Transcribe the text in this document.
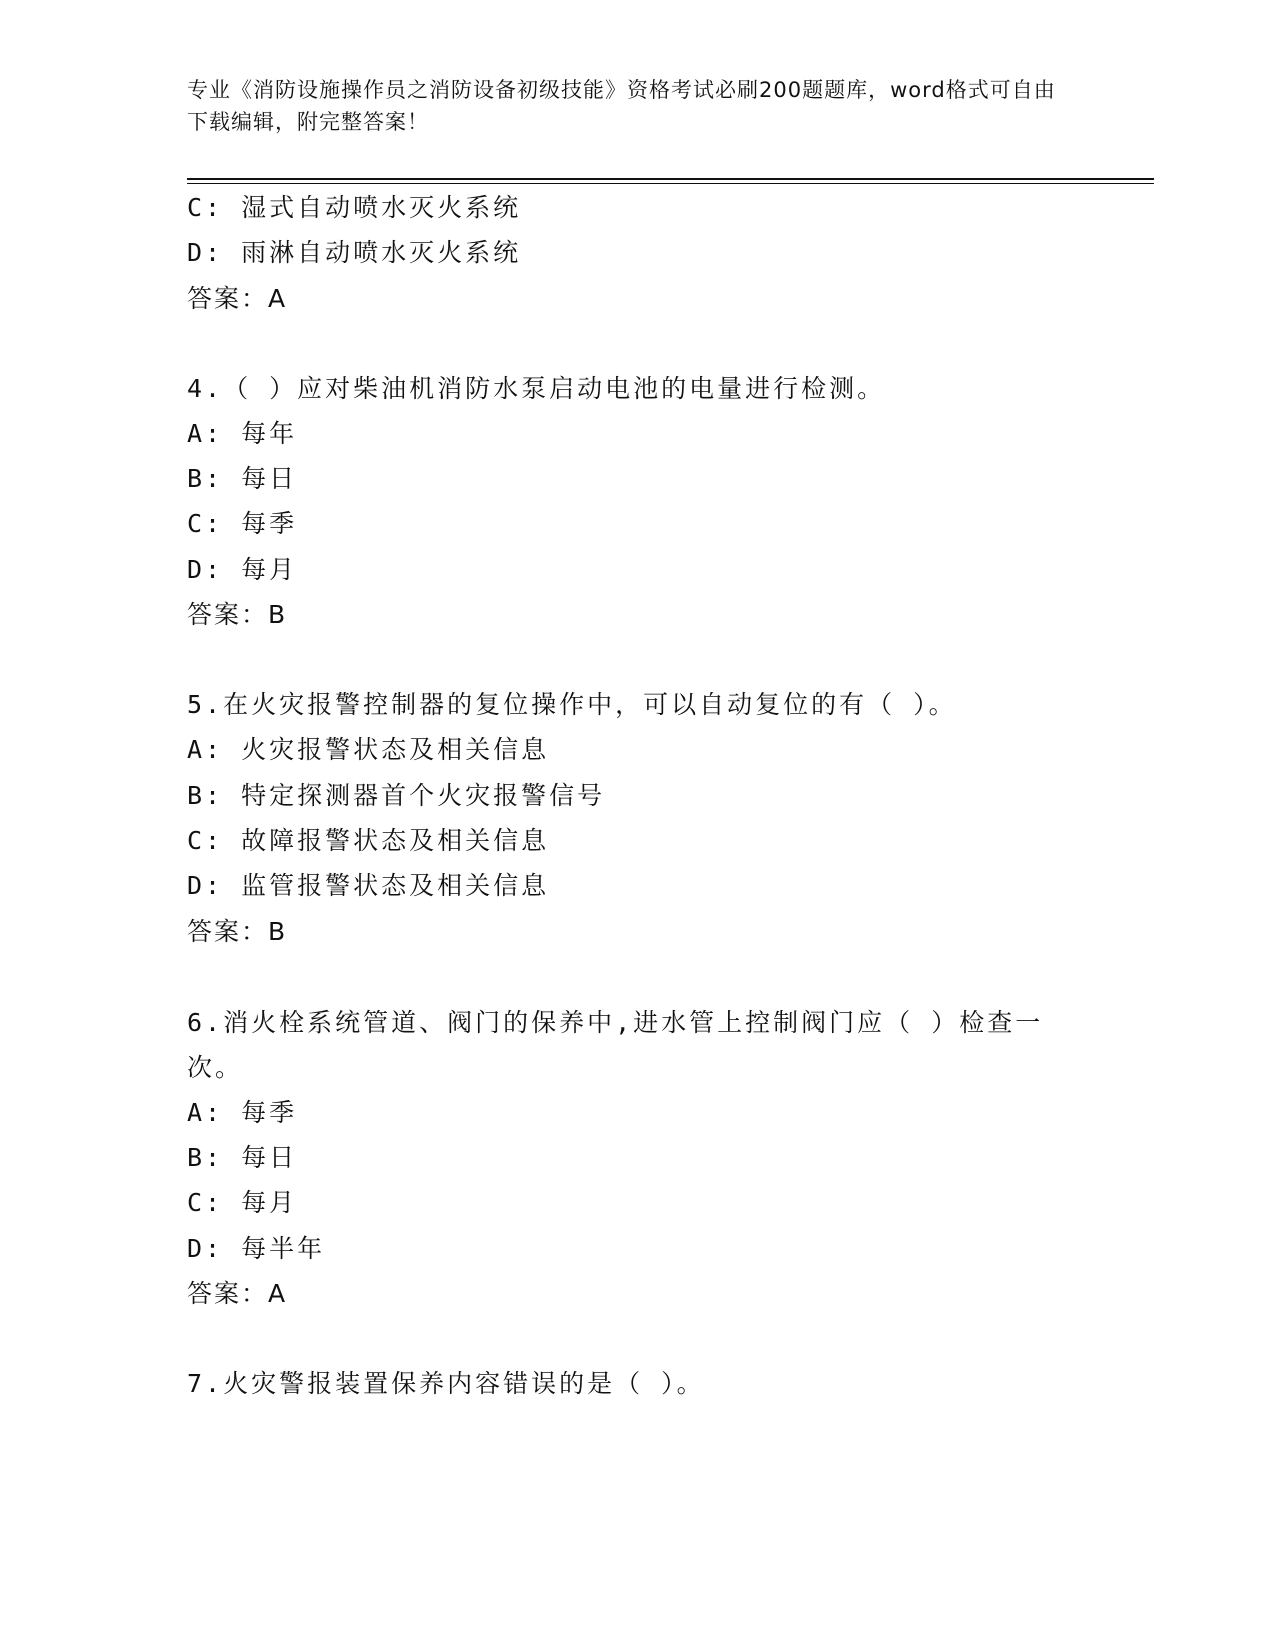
专业《消防设施操作员之消防设备初级技能》资格考试必刷200题题库，word格式可自由下载编辑，附完整答案！
C: 湿式自动喷水灭火系统
D: 雨淋自动喷水灭火系统
答案：A
4.（ ）应对柴油机消防水泵启动电池的电量进行检测。
A: 每年
B: 每日
C: 每季
D: 每月
答案：B
5.在火灾报警控制器的复位操作中，可以自动复位的有（ ）。
A: 火灾报警状态及相关信息
B: 特定探测器首个火灾报警信号
C: 故障报警状态及相关信息
D: 监管报警状态及相关信息
答案：B
6.消火栓系统管道、阀门的保养中,进水管上控制阀门应（ ）检查一次。
A: 每季
B: 每日
C: 每月
D: 每半年
答案：A
7.火灾警报装置保养内容错误的是（ ）。
